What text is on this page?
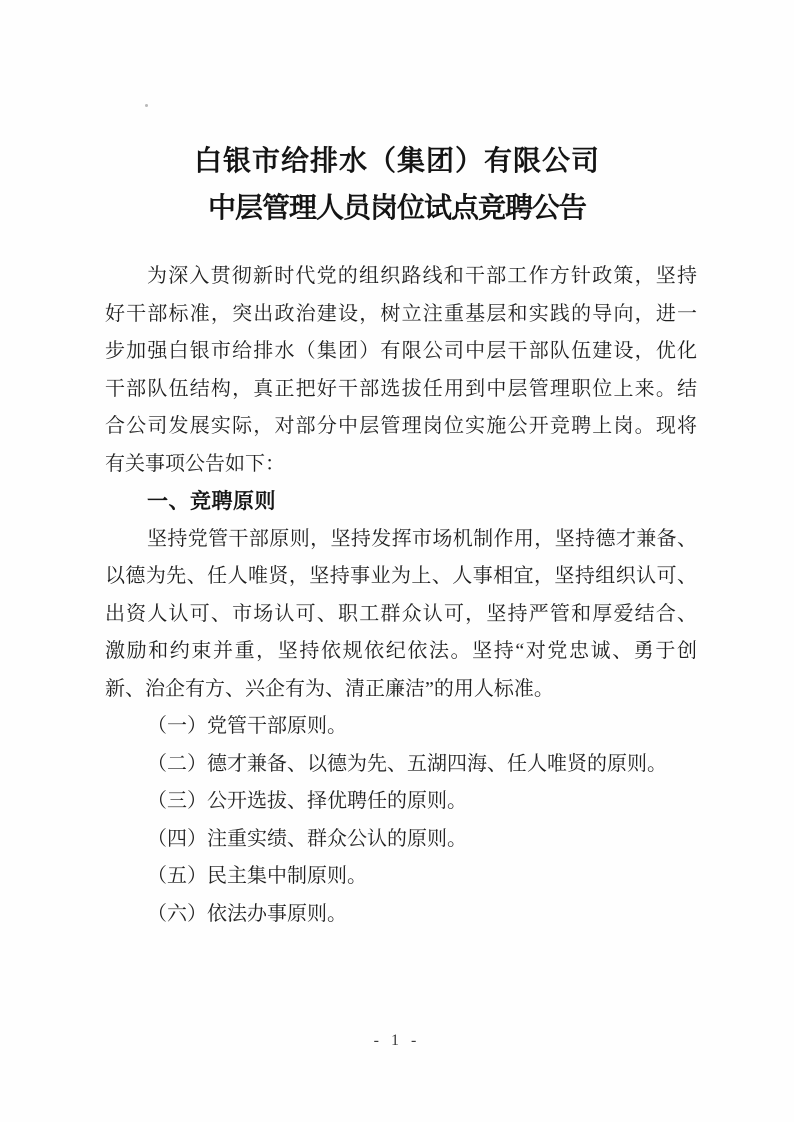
白银市给排水（集团）有限公司
中层管理人员岗位试点竞聘公告
为深入贯彻新时代党的组织路线和干部工作方针政策，坚持
好干部标准，突出政治建设，树立注重基层和实践的导向，进一
步加强白银市给排水（集团）有限公司中层干部队伍建设，优化
干部队伍结构，真正把好干部选拔任用到中层管理职位上来。结
合公司发展实际，对部分中层管理岗位实施公开竞聘上岗。现将
有关事项公告如下：
一、竞聘原则
坚持党管干部原则，坚持发挥市场机制作用，坚持德才兼备、
以德为先、任人唯贤，坚持事业为上、人事相宜，坚持组织认可、
出资人认可、市场认可、职工群众认可，坚持严管和厚爱结合、
激励和约束并重，坚持依规依纪依法。坚持“对党忠诚、勇于创
新、治企有方、兴企有为、清正廉洁”的用人标准。
（一）党管干部原则。
（二）德才兼备、以德为先、五湖四海、任人唯贤的原则。
（三）公开选拔、择优聘任的原则。
（四）注重实绩、群众公认的原则。
（五）民主集中制原则。
（六）依法办事原则。
- 1 -
